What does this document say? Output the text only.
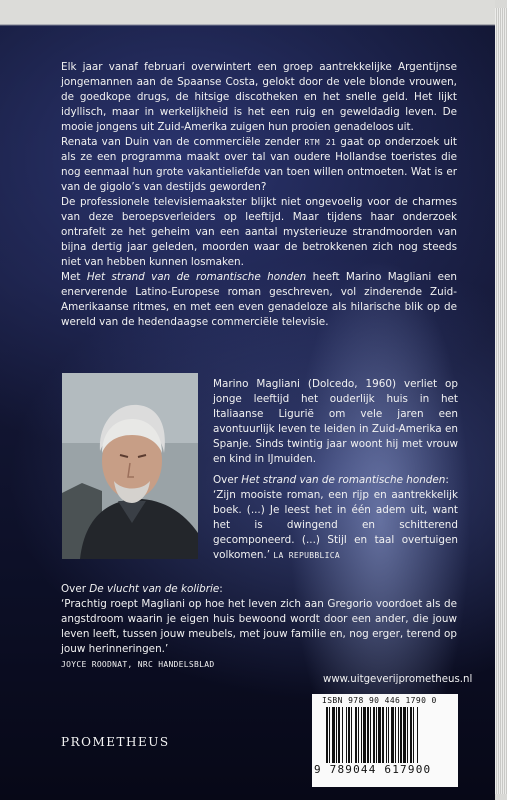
Elk jaar vanaf februari overwintert een groep aantrekkelijke Argentijnse jongemannen aan de Spaanse Costa, gelokt door de vele blonde vrouwen, de goedkope drugs, de hitsige discotheken en het snelle geld. Het lijkt idyllisch, maar in werkelijkheid is het een ruig en geweldadig leven. De mooie jongens uit Zuid-Amerika zuigen hun prooien genadeloos uit.

Renata van Duin van de commerciële zender RTM 21 gaat op onderzoek uit als ze een programma maakt over tal van oudere Hollandse toeristes die nog eenmaal hun grote vakantieliefde van toen willen ontmoeten. Wat is er van de gigolo’s van destijds geworden?

De professionele televisiemaakster blijkt niet ongevoelig voor de charmes van deze beroepsverleiders op leeftijd. Maar tijdens haar onderzoek ontrafelt ze het geheim van een aantal mysterieuze strandmoorden van bijna dertig jaar geleden, moorden waar de betrokkenen zich nog steeds niet van hebben kunnen losmaken.

Met Het strand van de romantische honden heeft Marino Magliani een enerverende Latino-Europese roman geschreven, vol zinderende Zuid-Amerikaanse ritmes, en met een even genadeloze als hilarische blik op de wereld van de hedendaagse commerciële televisie.

Marino Magliani (Dolcedo, 1960) verliet op jonge leeftijd het ouderlijk huis in het Italiaanse Liguriё om vele jaren een avontuurlijk leven te leiden in Zuid-Amerika en Spanje. Sinds twintig jaar woont hij met vrouw en kind in IJmuiden.
Over Het strand van de romantische honden:
‘Zijn mooiste roman, een rijp en aantrekkelijk boek. (...) Je leest het in één adem uit, want het is dwingend en schitterend gecomponeerd. (...) Stijl en taal overtuigen volkomen.’ LA REPUBBLICA
Over De vlucht van de kolibrie:
‘Prachtig roept Magliani op hoe het leven zich aan Gregorio voordoet als de angstdroom waarin je eigen huis bewoond wordt door een ander, die jouw leven leeft, tussen jouw meubels, met jouw familie en, nog erger, terend op jouw herinneringen.’
JOYCE ROODNAT, NRC HANDELSBLAD
www.uitgeverijprometheus.nl
ISBN 978 90 446 1790 0
9 789044 617900
PROMETHEUS
